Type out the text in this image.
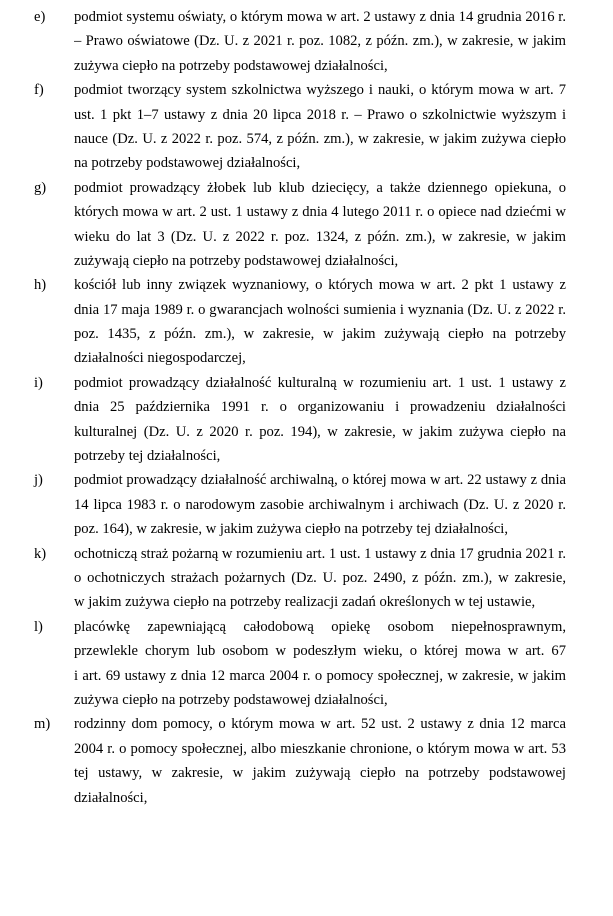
e)	podmiot systemu oświaty, o którym mowa w art. 2 ustawy z dnia 14 grudnia 2016 r.
– Prawo oświatowe (Dz. U. z 2021 r. poz. 1082, z późn. zm.), w zakresie, w jakim
zużywa ciepło na potrzeby podstawowej działalności,
f)	podmiot tworzący system szkolnictwa wyższego i nauki, o którym mowa w art. 7
ust. 1 pkt 1–7 ustawy z dnia 20 lipca 2018 r. – Prawo o szkolnictwie wyższym i
nauce (Dz. U. z 2022 r. poz. 574, z późn. zm.), w zakresie, w jakim zużywa ciepło
na potrzeby podstawowej działalności,
g)	podmiot prowadzący żłobek lub klub dziecięcy, a także dziennego opiekuna, o
których mowa w art. 2 ust. 1 ustawy z dnia 4 lutego 2011 r. o opiece nad dziećmi w
wieku do lat 3 (Dz. U. z 2022 r. poz. 1324, z późn. zm.), w zakresie, w jakim
zużywają ciepło na potrzeby podstawowej działalności,
h)	kościół lub inny związek wyznaniowy, o których mowa w art. 2 pkt 1 ustawy z
dnia 17 maja 1989 r. o gwarancjach wolności sumienia i wyznania (Dz. U. z 2022 r.
poz. 1435, z późn. zm.), w zakresie, w jakim zużywają ciepło na potrzeby
działalności niegospodarczej,
i)	podmiot prowadzący działalność kulturalną w rozumieniu art. 1 ust. 1 ustawy z
dnia 25 października 1991 r. o organizowaniu i prowadzeniu działalności
kulturalnej (Dz. U. z 2020 r. poz. 194), w zakresie, w jakim zużywa ciepło na
potrzeby tej działalności,
j)	podmiot prowadzący działalność archiwalną, o której mowa w art. 22 ustawy z dnia
14 lipca 1983 r. o narodowym zasobie archiwalnym i archiwach (Dz. U. z 2020 r.
poz. 164), w zakresie, w jakim zużywa ciepło na potrzeby tej działalności,
k)	ochotniczą straż pożarną w rozumieniu art. 1 ust. 1 ustawy z dnia 17 grudnia 2021 r.
o ochotniczych strażach pożarnych (Dz. U. poz. 2490, z późn. zm.), w zakresie,
w jakim zużywa ciepło na potrzeby realizacji zadań określonych w tej ustawie,
l)	placówkę zapewniającą całodobową opiekę osobom niepełnosprawnym,
przewlekle chorym lub osobom w podeszłym wieku, o której mowa w art. 67
i art. 69 ustawy z dnia 12 marca 2004 r. o pomocy społecznej, w zakresie, w jakim
zużywa ciepło na potrzeby podstawowej działalności,
m)	rodzinny dom pomocy, o którym mowa w art. 52 ust. 2 ustawy z dnia 12 marca
2004 r. o pomocy społecznej, albo mieszkanie chronione, o którym mowa w art. 53
tej ustawy, w zakresie, w jakim zużywają ciepło na potrzeby podstawowej
działalności,
